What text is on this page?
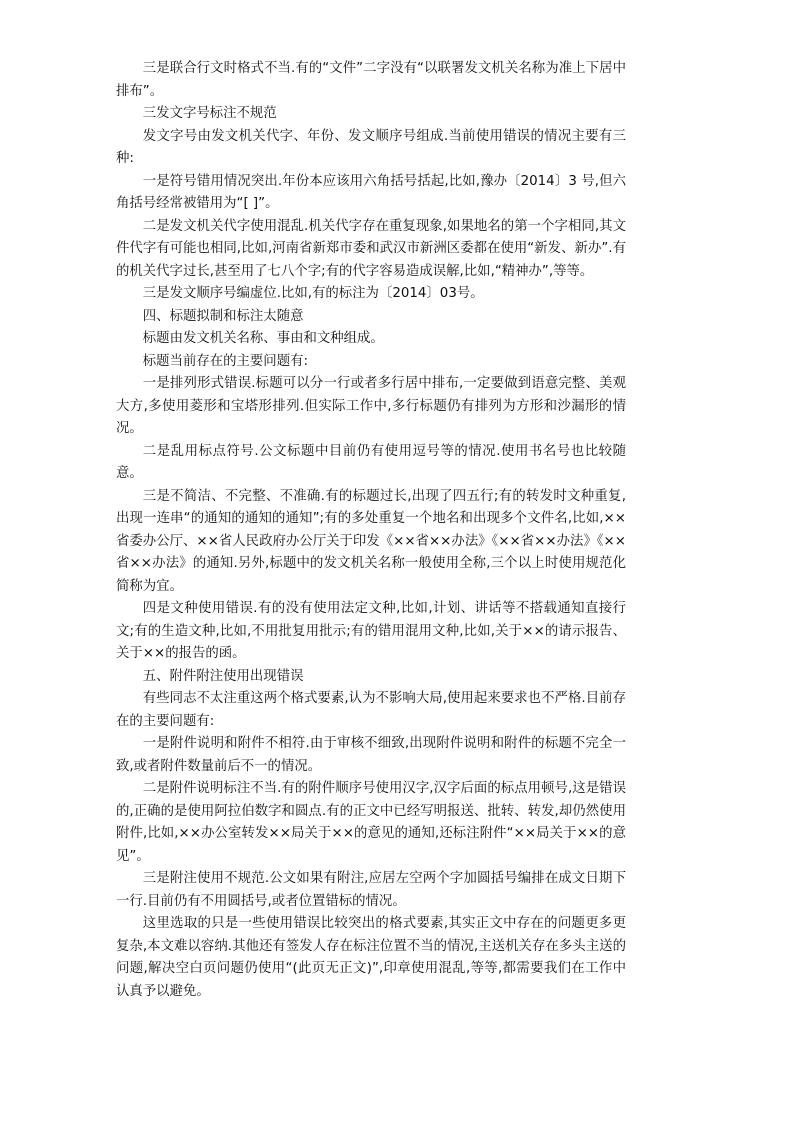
三是联合行文时格式不当.有的“文件”二字没有“以联署发文机关名称为准上下居中排布”。

三发文字号标注不规范

发文字号由发文机关代字、年份、发文顺序号组成.当前使用错误的情况主要有三种:

一是符号错用情况突出.年份本应该用六角括号括起,比如,豫办〔2014〕3 号,但六角括号经常被错用为“[ ]”。

二是发文机关代字使用混乱.机关代字存在重复现象,如果地名的第一个字相同,其文件代字有可能也相同,比如,河南省新郑市委和武汉市新洲区委都在使用“新发、新办”.有的机关代字过长,甚至用了七八个字;有的代字容易造成误解,比如,“精神办”,等等。

三是发文顺序号编虚位.比如,有的标注为〔2014〕03号。

四、标题拟制和标注太随意

标题由发文机关名称、事由和文种组成。

标题当前存在的主要问题有:

一是排列形式错误.标题可以分一行或者多行居中排布,一定要做到语意完整、美观大方,多使用菱形和宝塔形排列.但实际工作中,多行标题仍有排列为方形和沙漏形的情况。

二是乱用标点符号.公文标题中目前仍有使用逗号等的情况.使用书名号也比较随意。

三是不简洁、不完整、不准确.有的标题过长,出现了四五行;有的转发时文种重复,出现一连串“的通知的通知的通知”;有的多处重复一个地名和出现多个文件名,比如,××省委办公厅、××省人民政府办公厅关于印发《××省××办法》《××省××办法》《××省××办法》的通知.另外,标题中的发文机关名称一般使用全称,三个以上时使用规范化简称为宜。

四是文种使用错误.有的没有使用法定文种,比如,计划、讲话等不搭载通知直接行文;有的生造文种,比如,不用批复用批示;有的错用混用文种,比如,关于××的请示报告、关于××的报告的函。

五、附件附注使用出现错误

有些同志不太注重这两个格式要素,认为不影响大局,使用起来要求也不严格.目前存在的主要问题有:

一是附件说明和附件不相符.由于审核不细致,出现附件说明和附件的标题不完全一致,或者附件数量前后不一的情况。

二是附件说明标注不当.有的附件顺序号使用汉字,汉字后面的标点用顿号,这是错误的,正确的是使用阿拉伯数字和圆点.有的正文中已经写明报送、批转、转发,却仍然使用附件,比如,××办公室转发××局关于××的意见的通知,还标注附件“××局关于××的意见”。

三是附注使用不规范.公文如果有附注,应居左空两个字加圆括号编排在成文日期下一行.目前仍有不用圆括号,或者位置错标的情况。

这里选取的只是一些使用错误比较突出的格式要素,其实正文中存在的问题更多更复杂,本文难以容纳.其他还有签发人存在标注位置不当的情况,主送机关存在多头主送的问题,解决空白页问题仍使用“(此页无正文)”,印章使用混乱,等等,都需要我们在工作中认真予以避免。
